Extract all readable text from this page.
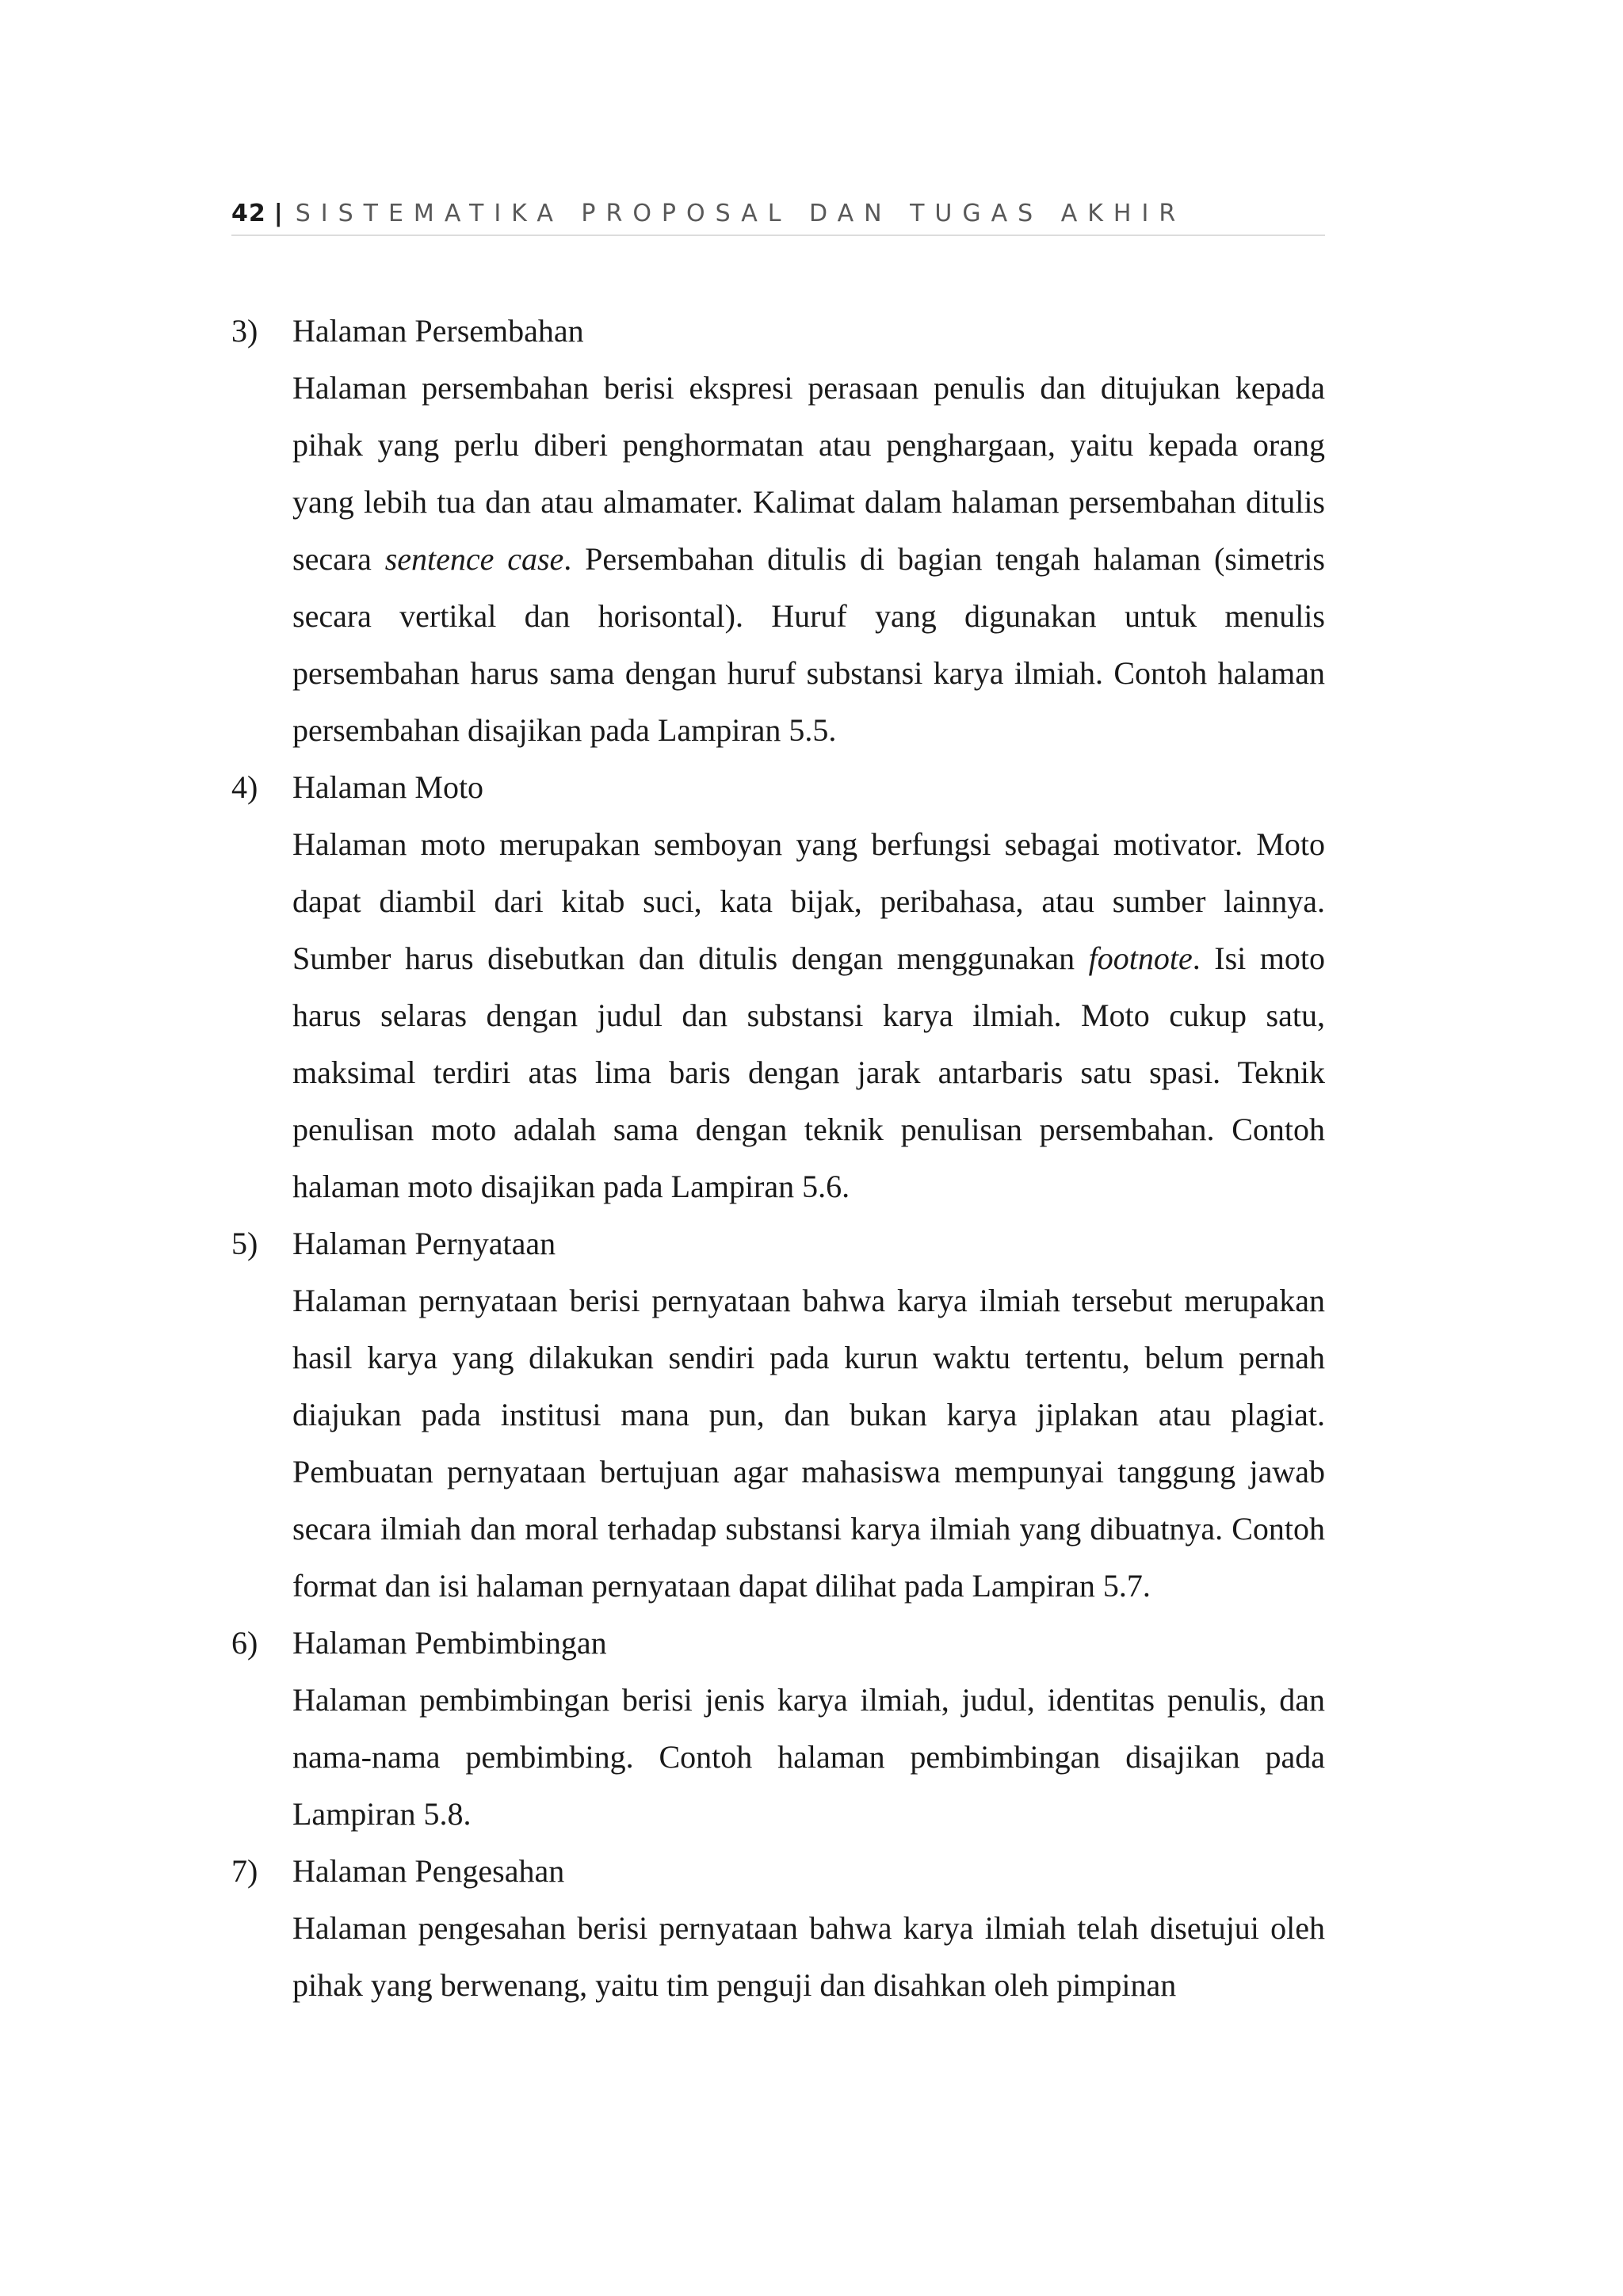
42 | SISTEMATIKA PROPOSAL DAN TUGAS AKHIR
3)	Halaman Persembahan

Halaman persembahan berisi ekspresi perasaan penulis dan ditujukan kepada pihak yang perlu diberi penghormatan atau penghargaan, yaitu kepada orang yang lebih tua dan atau almamater. Kalimat dalam halaman persembahan ditulis secara sentence case. Persembahan ditulis di bagian tengah halaman (simetris secara vertikal dan horisontal). Huruf yang digunakan untuk menulis persembahan harus sama dengan huruf substansi karya ilmiah. Contoh halaman persembahan disajikan pada Lampiran 5.5.

4)	Halaman Moto

Halaman moto merupakan semboyan yang berfungsi sebagai motivator. Moto dapat diambil dari kitab suci, kata bijak, peribahasa, atau sumber lainnya. Sumber harus disebutkan dan ditulis dengan menggunakan footnote. Isi moto harus selaras dengan judul dan substansi karya ilmiah. Moto cukup satu, maksimal terdiri atas lima baris dengan jarak antarbaris satu spasi. Teknik penulisan moto adalah sama dengan teknik penulisan persembahan. Contoh halaman moto disajikan pada Lampiran 5.6.

5)	Halaman Pernyataan

Halaman pernyataan berisi pernyataan bahwa karya ilmiah tersebut merupakan hasil karya yang dilakukan sendiri pada kurun waktu tertentu, belum pernah diajukan pada institusi mana pun, dan bukan karya jiplakan atau plagiat. Pembuatan pernyataan bertujuan agar mahasiswa mempunyai tanggung jawab secara ilmiah dan moral terhadap substansi karya ilmiah yang dibuatnya. Contoh format dan isi halaman pernyataan dapat dilihat pada Lampiran 5.7.

6)	Halaman Pembimbingan

Halaman pembimbingan berisi jenis karya ilmiah, judul, identitas penulis, dan nama-nama pembimbing. Contoh halaman pembimbingan disajikan pada Lampiran 5.8.

7)	Halaman Pengesahan

Halaman pengesahan berisi pernyataan bahwa karya ilmiah telah disetujui oleh pihak yang berwenang, yaitu tim penguji dan disahkan oleh pimpinan
